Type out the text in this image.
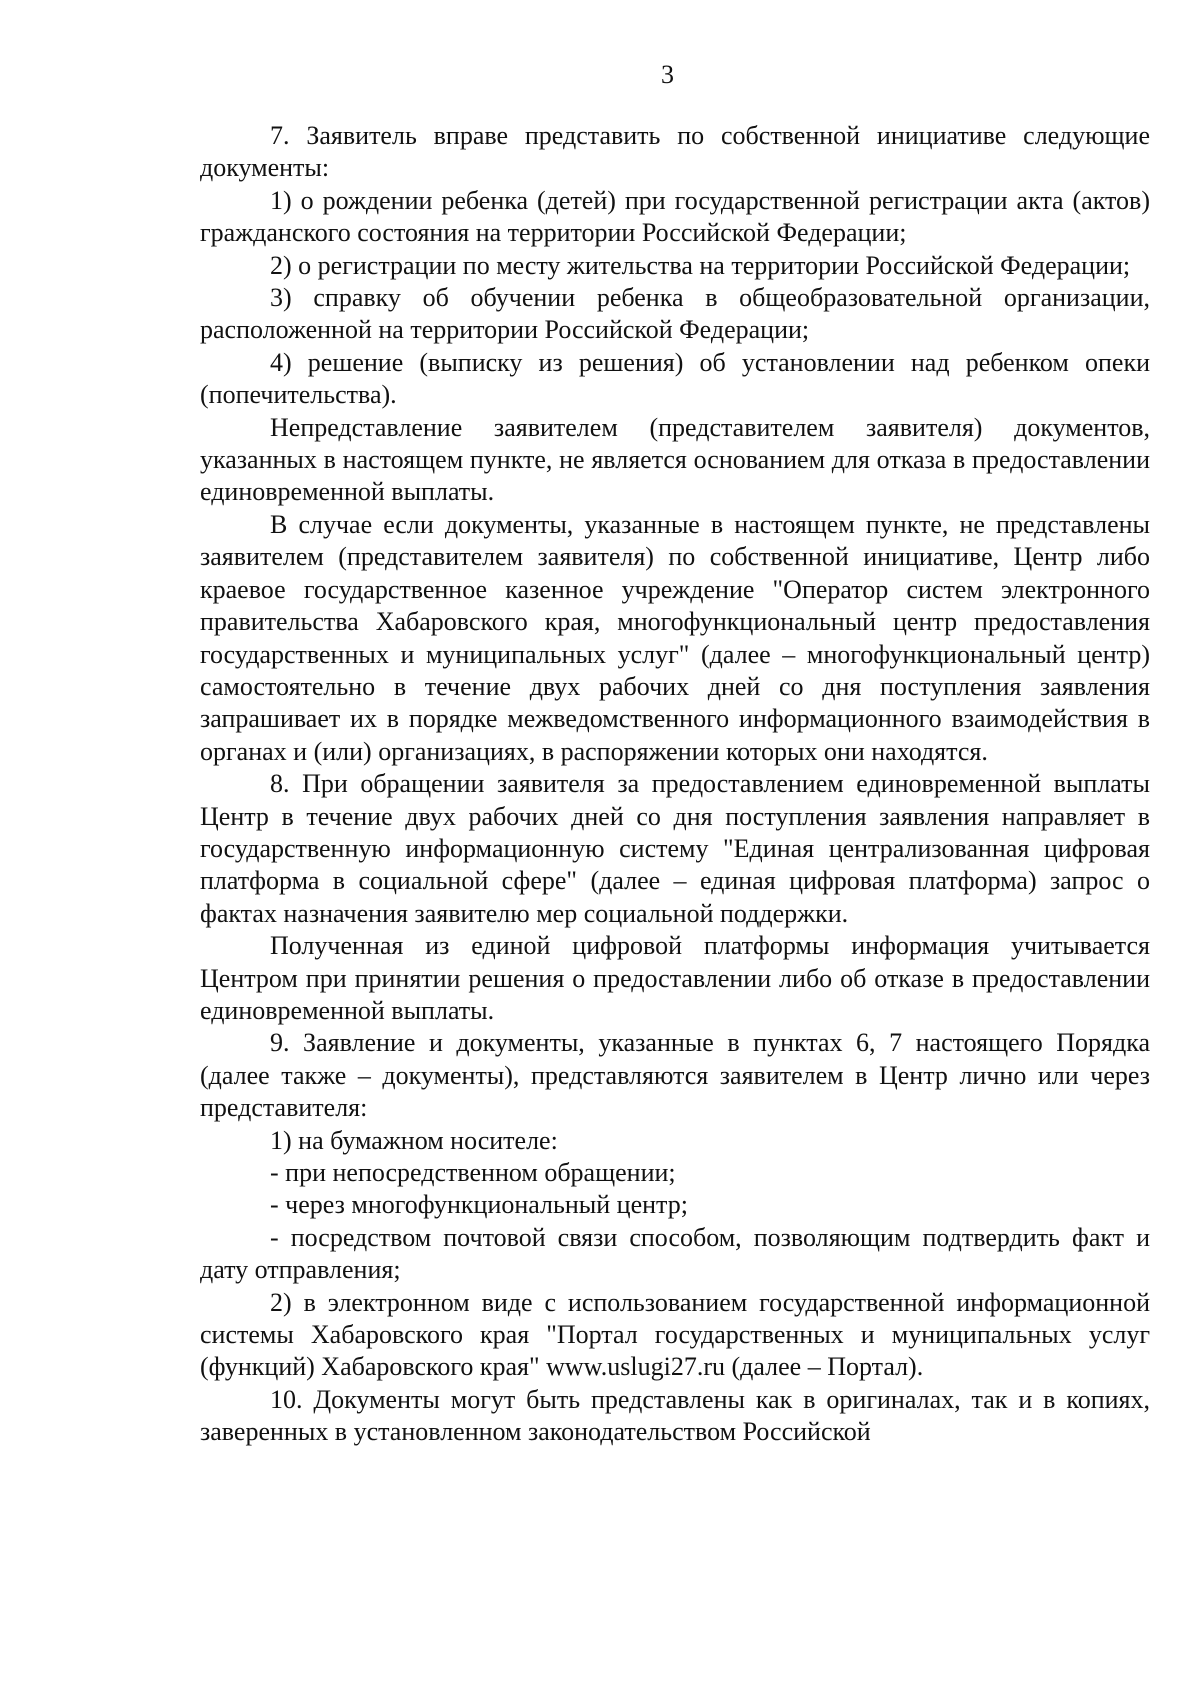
3

7. Заявитель вправе представить по собственной инициативе следующие документы:

1) о рождении ребенка (детей) при государственной регистрации акта (актов) гражданского состояния на территории Российской Федерации;

2) о регистрации по месту жительства на территории Российской Федерации;

3) справку об обучении ребенка в общеобразовательной организации, расположенной на территории Российской Федерации;

4) решение (выписку из решения) об установлении над ребенком опеки (попечительства).

Непредставление заявителем (представителем заявителя) документов, указанных в настоящем пункте, не является основанием для отказа в предоставлении единовременной выплаты.

В случае если документы, указанные в настоящем пункте, не представлены заявителем (представителем заявителя) по собственной инициативе, Центр либо краевое государственное казенное учреждение "Оператор систем электронного правительства Хабаровского края, многофункциональный центр предоставления государственных и муниципальных услуг" (далее – многофункциональный центр) самостоятельно в течение двух рабочих дней со дня поступления заявления запрашивает их в порядке межведомственного информационного взаимодействия в органах и (или) организациях, в распоряжении которых они находятся.

8. При обращении заявителя за предоставлением единовременной выплаты Центр в течение двух рабочих дней со дня поступления заявления направляет в государственную информационную систему "Единая централизованная цифровая платформа в социальной сфере" (далее – единая цифровая платформа) запрос о фактах назначения заявителю мер социальной поддержки.

Полученная из единой цифровой платформы информация учитывается Центром при принятии решения о предоставлении либо об отказе в предоставлении единовременной выплаты.

9. Заявление и документы, указанные в пунктах 6, 7 настоящего Порядка (далее также – документы), представляются заявителем в Центр лично или через представителя:

1) на бумажном носителе:

- при непосредственном обращении;

- через многофункциональный центр;

- посредством почтовой связи способом, позволяющим подтвердить факт и дату отправления;

2) в электронном виде с использованием государственной информационной системы Хабаровского края "Портал государственных и муниципальных услуг (функций) Хабаровского края" www.uslugi27.ru (далее – Портал).

10. Документы могут быть представлены как в оригиналах, так и в копиях, заверенных в установленном законодательством Российской
